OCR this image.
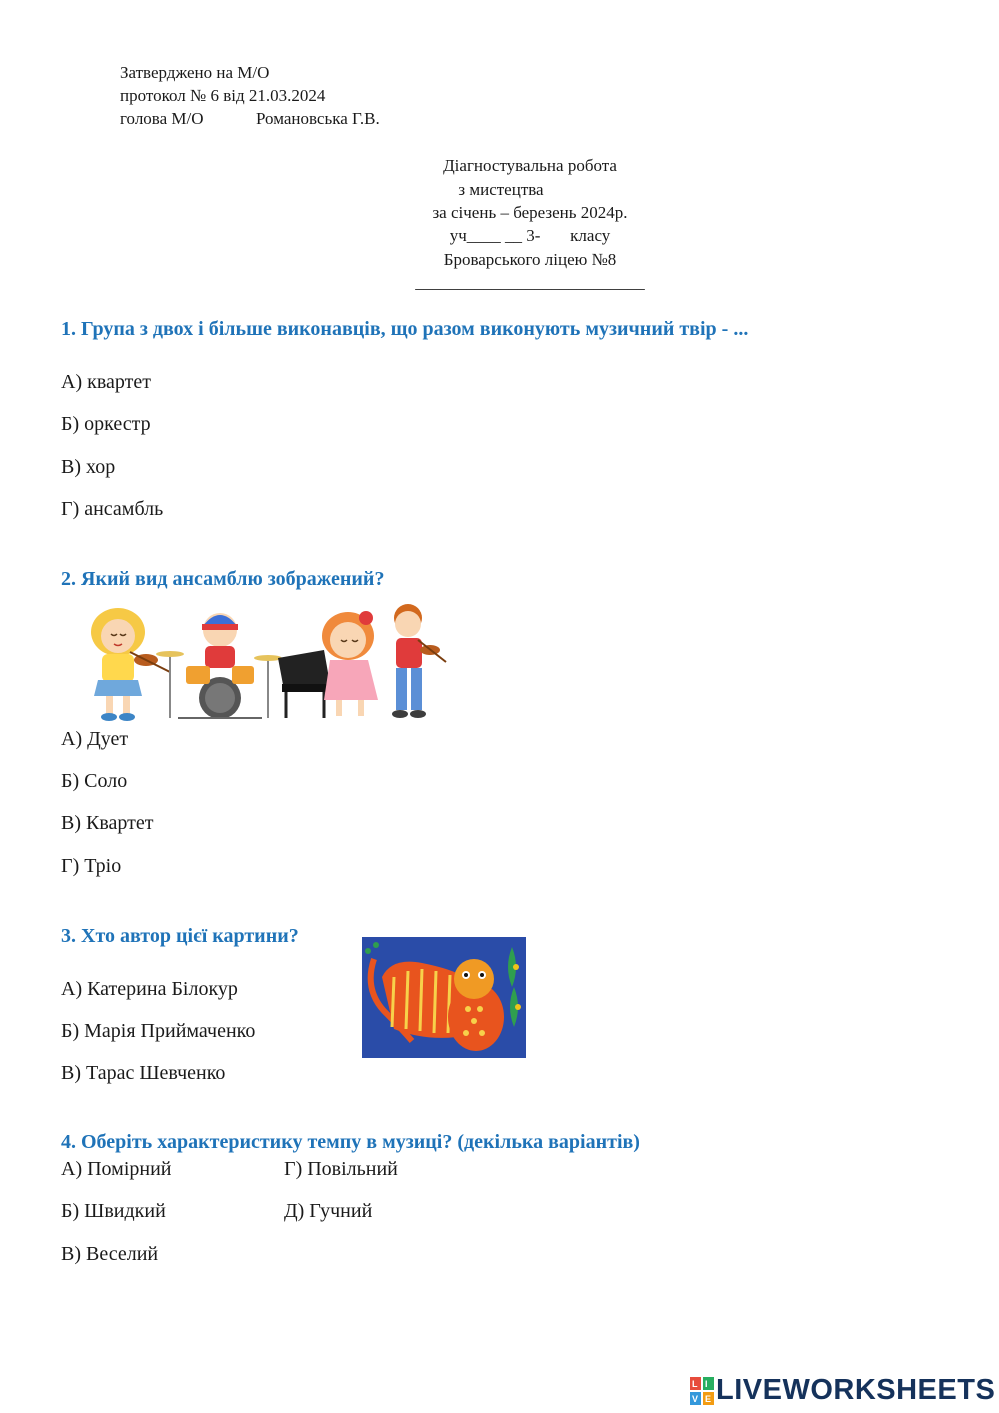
Затверджено на М/О
протокол № 6 від 21.03.2024
голова М/О	Романовська Г.В.
Діагностувальна робота
з мистецтва
за січень – березень 2024р.
уч____ __ 3-       класу
Броварського ліцею №8
___________________________
1. Група з двох і більше виконавців, що разом виконують музичний твір - ...
А) квартет
Б) оркестр
В) хор
Г) ансамбль
2. Який вид ансамблю зображений?
А) Дует
Б) Соло
В) Квартет
Г) Тріо
3. Хто автор цієї картини?
А) Катерина Білокур
Б) Марія Приймаченко
В) Тарас Шевченко
4. Оберіть характеристику темпу в музиці? (декілька варіантів)
А) Помірний	Г) Повільний
Б) Швидкий	Д) Гучний
В) Веселий
L I
V E LIVEWORKSHEETS
